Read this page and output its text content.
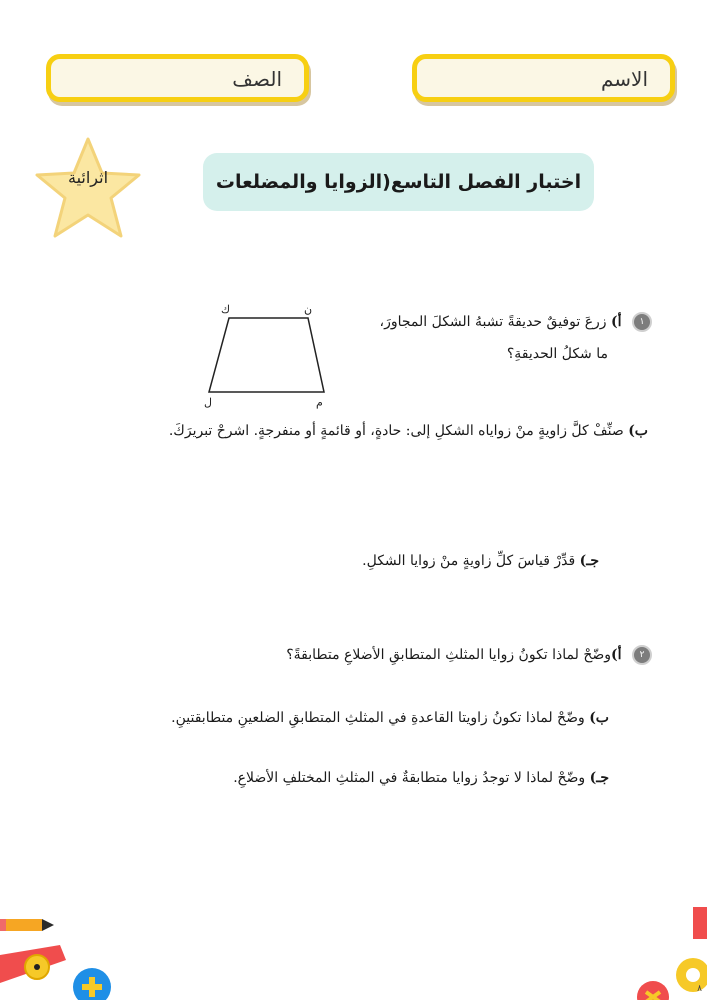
الاسم
الصف
اثرائية	اختبار الفصل التاسع(الزوايا والمضلعات
١ أ) زرعَ توفيقٌ حديقةً تشبهُ الشكلَ المجاورَ،
ما شكلُ الحديقةِ؟
ن
ك
ل	م
ب) صنِّفْ كلَّ زاويةٍ منْ زواياه الشكلِ إلى: حادةٍ، أو قائمةٍ أو منفرجةٍ. اشرحْ تبريرَكَ.
جـ) قدِّرْ قياسَ كلِّ زاويةٍ منْ زوايا الشكلِ.
٢ أ)وضّحْ لماذا تكونُ زوايا المثلثِ المتطابقِ الأضلاعِ متطابقةً؟
ب) وضّحْ لماذا تكونُ زاويتا القاعدةِ في المثلثِ المتطابقِ الضلعينِ متطابقتينِ.
جـ) وضّحْ لماذا لا توجدُ زوايا متطابقةٌ في المثلثِ المختلفِ الأضلاعِ.
٨
